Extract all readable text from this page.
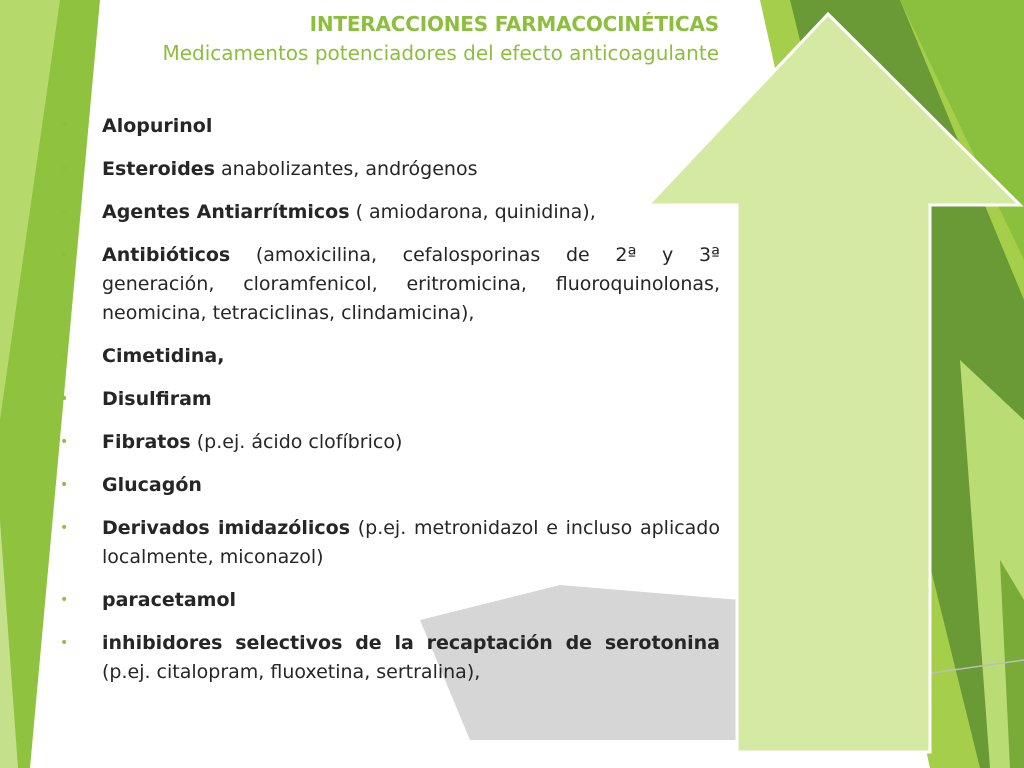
INTERACCIONES FARMACOCINÉTICAS
Medicamentos potenciadores del efecto anticoagulante
• Alopurinol
• Esteroides anabolizantes, andrógenos
• Agentes Antiarrítmicos ( amiodarona, quinidina),
• Antibióticos (amoxicilina, cefalosporinas de 2ª y 3ª generación, cloramfenicol, eritromicina, fluoroquinolonas, neomicina, tetraciclinas, clindamicina),
• Cimetidina,
• Disulfiram
• Fibratos (p.ej. ácido clofíbrico)
• Glucagón
• Derivados imidazólicos (p.ej. metronidazol e incluso aplicado localmente, miconazol)
• paracetamol
• inhibidores selectivos de la recaptación de serotonina (p.ej. citalopram, fluoxetina, sertralina),
